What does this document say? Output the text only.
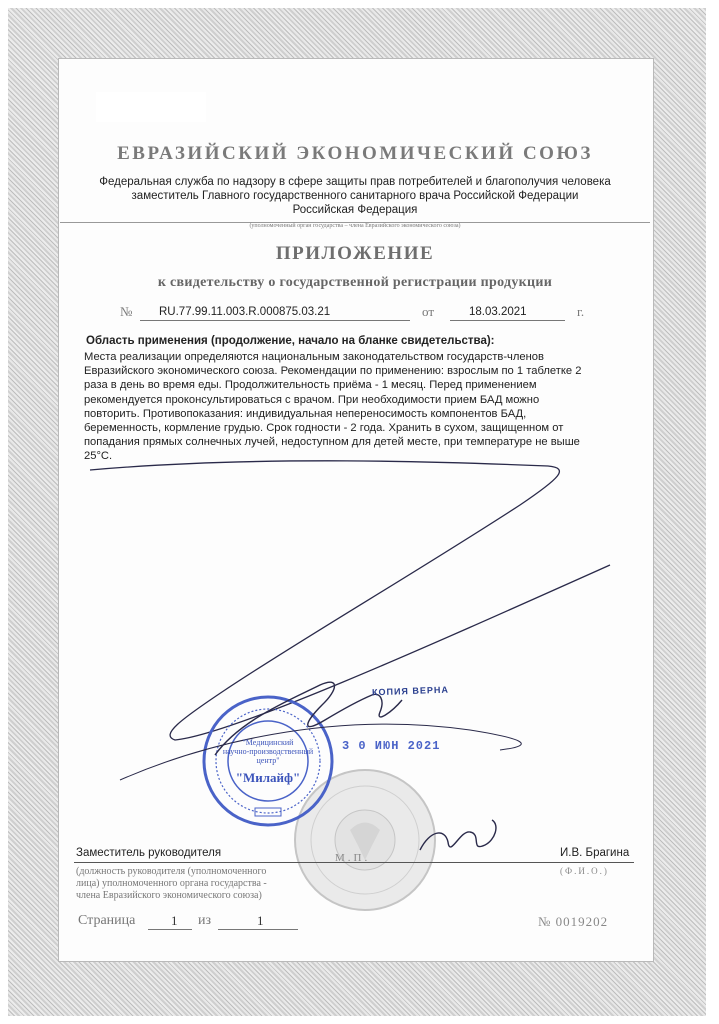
ЕВРАЗИЙСКИЙ ЭКОНОМИЧЕСКИЙ СОЮЗ
Федеральная служба по надзору в сфере защиты прав потребителей и благополучия человека
заместитель Главного государственного санитарного врача Российской Федерации
Российская Федерация
(уполномоченный орган государства – члена Евразийского экономического союза)
ПРИЛОЖЕНИЕ
к свидетельству о государственной регистрации продукции
№ RU.77.99.11.003.R.000875.03.21	от	18.03.2021	г.
Область применения (продолжение, начало на бланке свидетельства):
Места реализации определяются национальным законодательством государств-членов
Евразийского экономического союза. Рекомендации по применению: взрослым по 1 таблетке 2
раза в день во время еды. Продолжительность приёма - 1 месяц. Перед применением
рекомендуется проконсультироваться с врачом. При необходимости прием БАД можно
повторить. Противопоказания: индивидуальная непереносимость компонентов БАД,
беременность, кормление грудью. Срок годности - 2 года. Хранить в сухом, защищенном от
попадания прямых солнечных лучей, недоступном для детей месте, при температуре не выше
25°C.
"Медицинский
научно-производственный
центр"
"Милайф"
КОПИЯ ВЕРНА
3 0 ИЮН 2021
Заместитель руководителя	М.П.	И.В. Брагина
(должность руководителя (уполномоченного
лица) уполномоченного органа государства -
члена Евразийского экономического союза)
(Ф.И.О.)
Страница	1 из	1	№ 0019202
